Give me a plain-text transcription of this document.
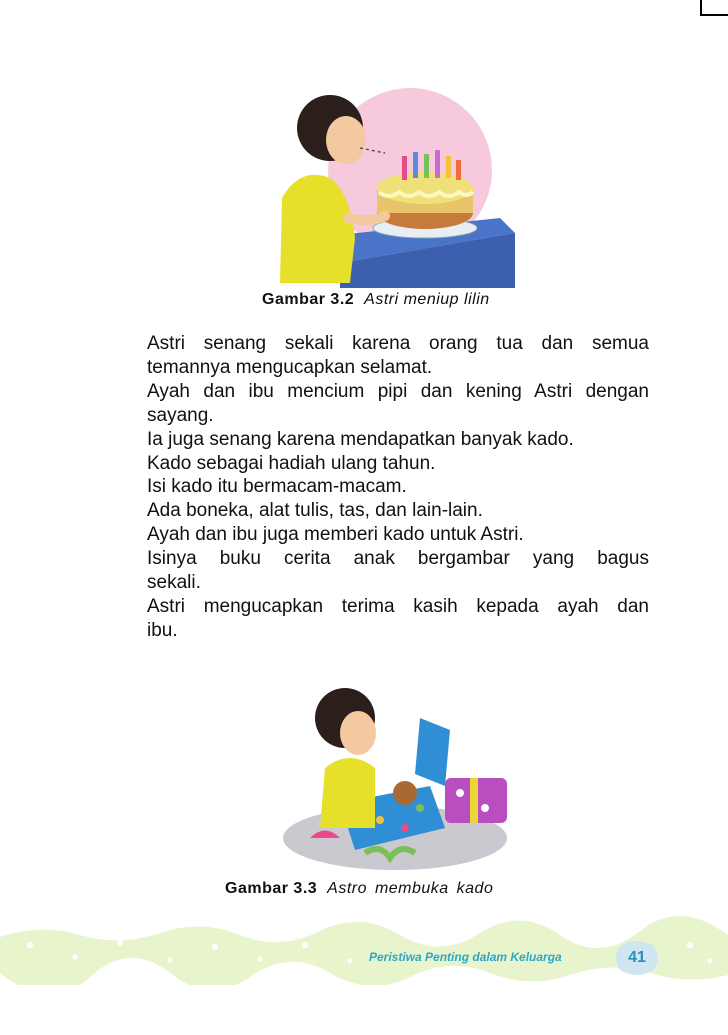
Gambar 3.2 Astri meniup lilin

Astri senang sekali karena orang tua dan semua

temannya mengucapkan selamat.

Ayah dan ibu mencium pipi dan kening Astri dengan

sayang.

Ia juga senang karena mendapatkan banyak kado.

Kado sebagai hadiah ulang tahun.

Isi kado itu bermacam-macam.

Ada boneka, alat tulis, tas, dan lain-lain.

Ayah dan ibu juga memberi kado untuk Astri.

Isinya buku cerita anak bergambar yang bagus

sekali.

Astri mengucapkan terima kasih kepada ayah dan

ibu.

Gambar 3.3 Astro membuka kado
41
Peristiwa Penting dalam Keluarga
